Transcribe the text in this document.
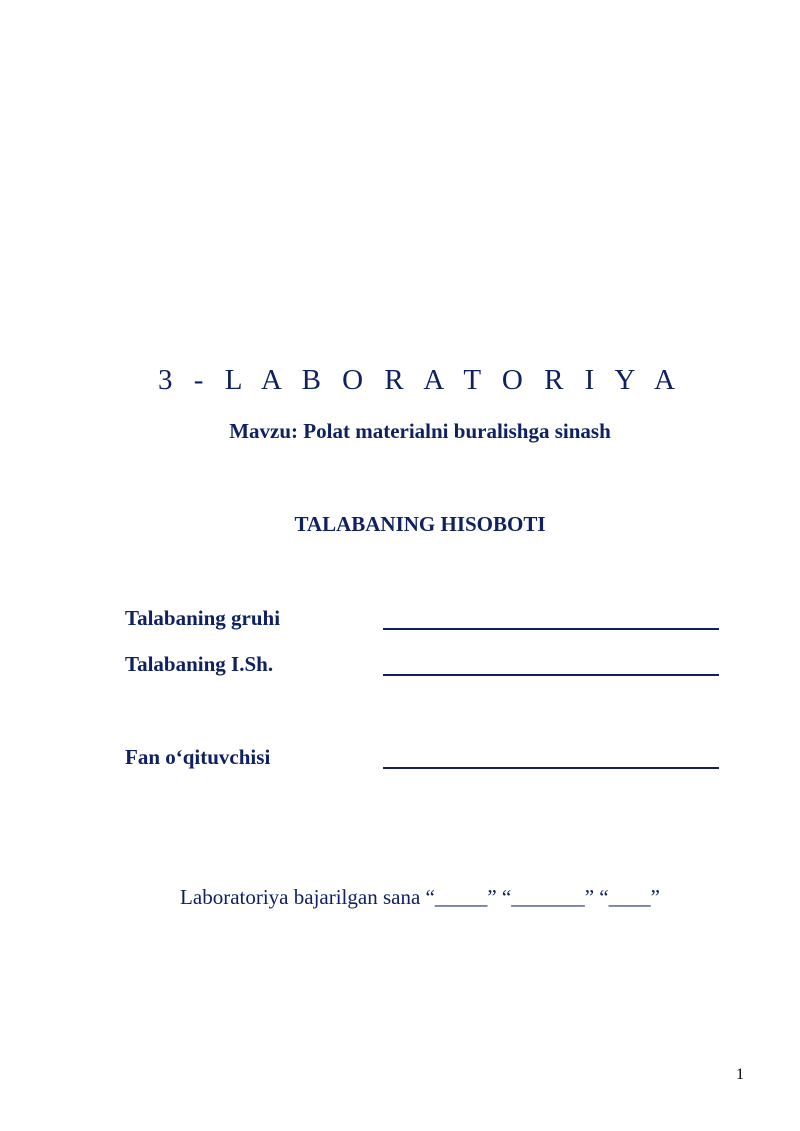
3 - L A B O R A T O R I Y A
Mavzu: Polat materialni buralishga sinash
TALABANING HISOBOTI
Talabaning gruhi
Talabaning I.Sh.
Fan o‘qituvchisi
Laboratoriya bajarilgan sana “_____” “_______” “____”
1
